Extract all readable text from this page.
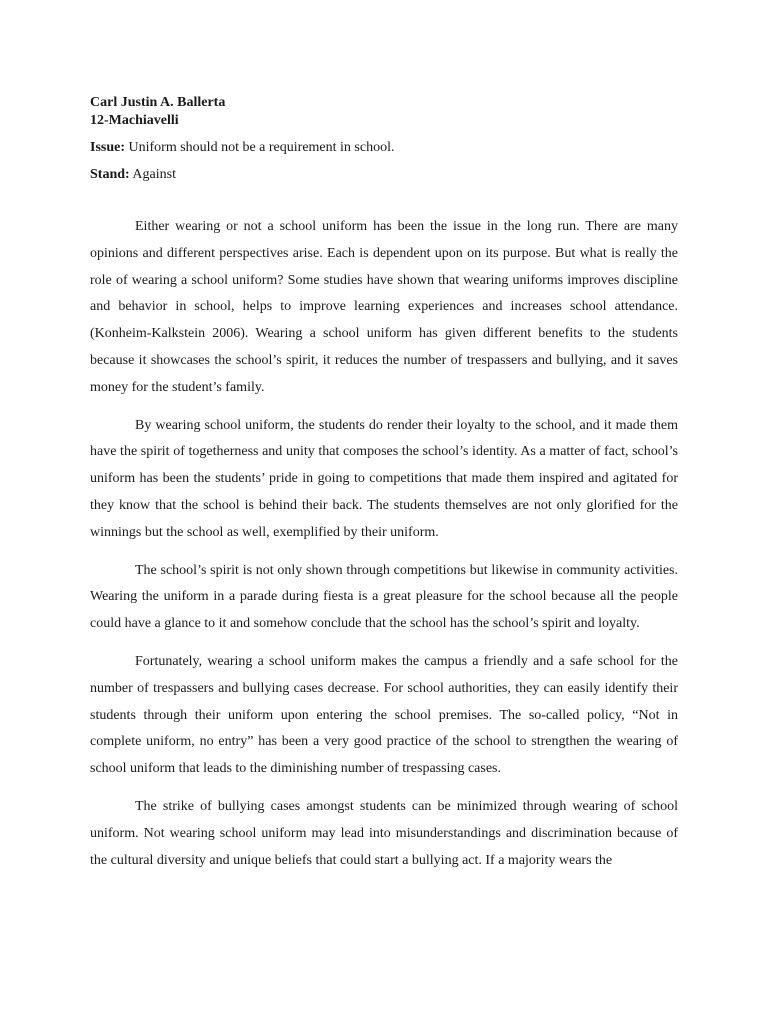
Carl Justin A. Ballerta

12-Machiavelli

Issue: Uniform should not be a requirement in school.

Stand: Against

Either wearing or not a school uniform has been the issue in the long run. There are many opinions and different perspectives arise. Each is dependent upon on its purpose. But what is really the role of wearing a school uniform? Some studies have shown that wearing uniforms improves discipline and behavior in school, helps to improve learning experiences and increases school attendance. (Konheim-Kalkstein 2006). Wearing a school uniform has given different benefits to the students because it showcases the school’s spirit, it reduces the number of trespassers and bullying, and it saves money for the student’s family.

By wearing school uniform, the students do render their loyalty to the school, and it made them have the spirit of togetherness and unity that composes the school’s identity. As a matter of fact, school’s uniform has been the students’ pride in going to competitions that made them inspired and agitated for they know that the school is behind their back. The students themselves are not only glorified for the winnings but the school as well, exemplified by their uniform.

The school’s spirit is not only shown through competitions but likewise in community activities. Wearing the uniform in a parade during fiesta is a great pleasure for the school because all the people could have a glance to it and somehow conclude that the school has the school’s spirit and loyalty.

Fortunately, wearing a school uniform makes the campus a friendly and a safe school for the number of trespassers and bullying cases decrease. For school authorities, they can easily identify their students through their uniform upon entering the school premises. The so-called policy, “Not in complete uniform, no entry” has been a very good practice of the school to strengthen the wearing of school uniform that leads to the diminishing number of trespassing cases.

The strike of bullying cases amongst students can be minimized through wearing of school uniform. Not wearing school uniform may lead into misunderstandings and discrimination because of the cultural diversity and unique beliefs that could start a bullying act. If a majority wears the
